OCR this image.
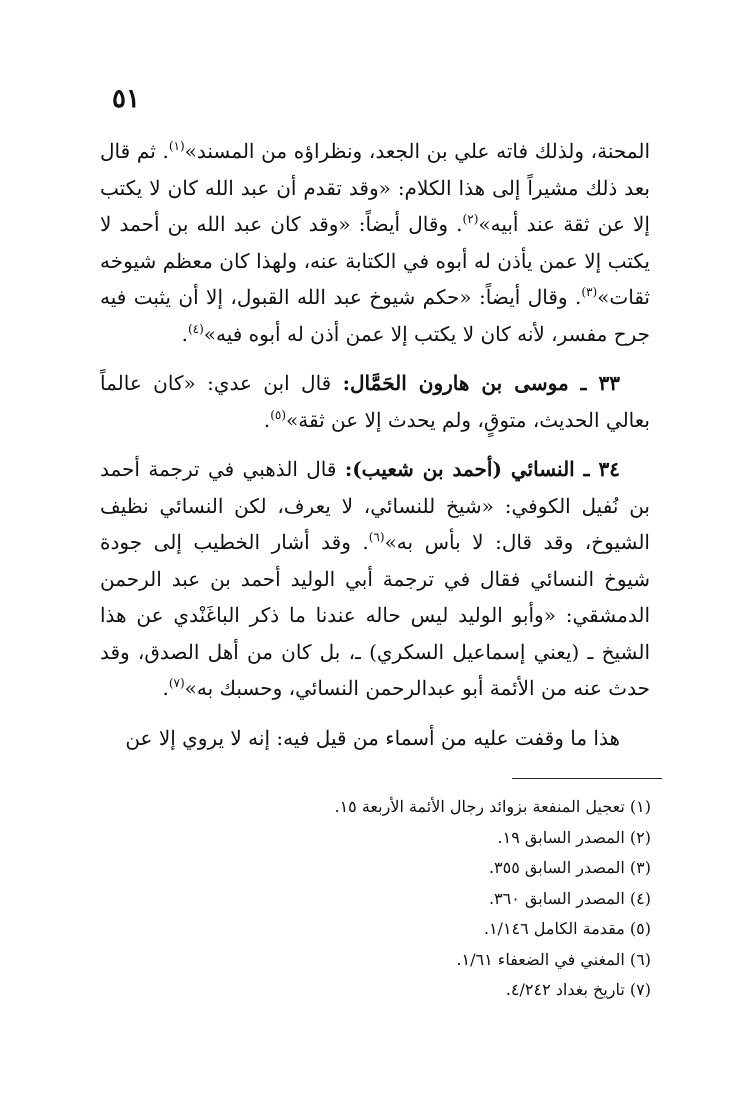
٥١

المحنة، ولذلك فاته علي بن الجعد، ونظراؤه من المسند»$^{(١)}$. ثم قال بعد ذلك مشيراً إلى هذا الكلام: «وقد تقدم أن عبد الله كان لا يكتب إلا عن ثقة عند أبيه»$^{(٢)}$. وقال أيضاً: «وقد كان عبد الله بن أحمد لا يكتب إلا عمن يأذن له أبوه في الكتابة عنه، ولهذا كان معظم شيوخه ثقات»$^{(٣)}$. وقال أيضاً: «حكم شيوخ عبد الله القبول، إلا أن يثبت فيه جرح مفسر، لأنه كان لا يكتب إلا عمن أذن له أبوه فيه»$^{(٤)}$.

٣٣ ـ موسى بن هارون الحَمَّال: قال ابن عدي: «كان عالماً بعالي الحديث، متوقٍ، ولم يحدث إلا عن ثقة»$^{(٥)}$.

٣٤ ـ النسائي (أحمد بن شعيب): قال الذهبي في ترجمة أحمد بن نُفيل الكوفي: «شيخ للنسائي، لا يعرف، لكن النسائي نظيف الشيوخ، وقد قال: لا بأس به»$^{(٦)}$. وقد أشار الخطيب إلى جودة شيوخ النسائي فقال في ترجمة أبي الوليد أحمد بن عبد الرحمن الدمشقي: «وأبو الوليد ليس حاله عندنا ما ذكر الباغَنْدي عن هذا الشيخ ـ (يعني إسماعيل السكري) ـ، بل كان من أهل الصدق، وقد حدث عنه من الأئمة أبو عبدالرحمن النسائي، وحسبك به»$^{(٧)}$.

هذا ما وقفت عليه من أسماء من قيل فيه: إنه لا يروي إلا عن

(١) تعجيل المنفعة بزوائد رجال الأئمة الأربعة ١٥.
(٢) المصدر السابق ١٩.
(٣) المصدر السابق ٣٥٥.
(٤) المصدر السابق ٣٦٠.
(٥) مقدمة الكامل ١/١٤٦.
(٦) المغني في الضعفاء ١/٦١.
(٧) تاريخ بغداد ٤/٢٤٢.
